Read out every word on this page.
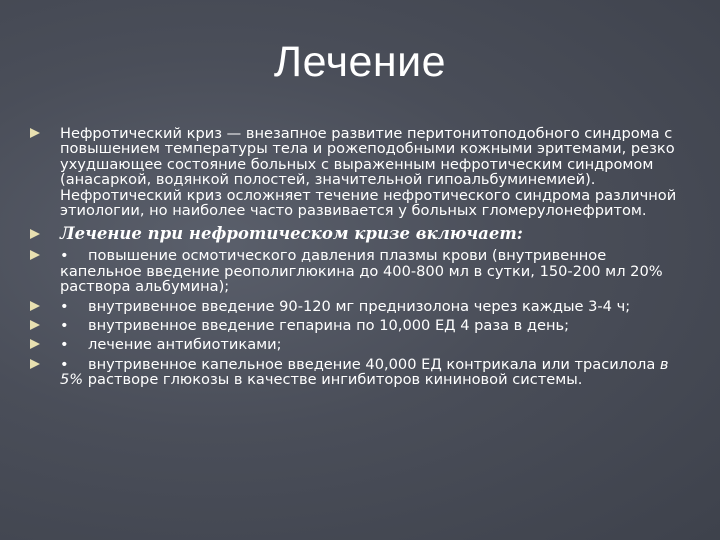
Лечение
Нефротический криз — внезапное развитие перитонитоподобного синдрома с повышением температуры тела и рожеподобными кожными эритемами, резко ухудшающее состояние больных с выраженным нефротическим синдромом (анасаркой, водянкой полостей, значительной гипоальбуминемией). Нефротический криз осложняет течение нефротического синдрома различной этиологии, но наиболее часто развивается у больных гломерулонефритом.
Лечение при нефротическом кризе включает:
• повышение осмотического давления плазмы крови (внутривенное капельное введение реополиглюкина до 400-800 мл в сутки, 150-200 мл 20% раствора альбумина);
• внутривенное введение 90-120 мг преднизолона через каждые 3-4 ч;
• внутривенное введение гепарина по 10,000 ЕД 4 раза в день;
• лечение антибиотиками;
• внутривенное капельное введение 40,000 ЕД контрикала или трасилола в 5% растворе глюкозы в качестве ингибиторов кининовой системы.
